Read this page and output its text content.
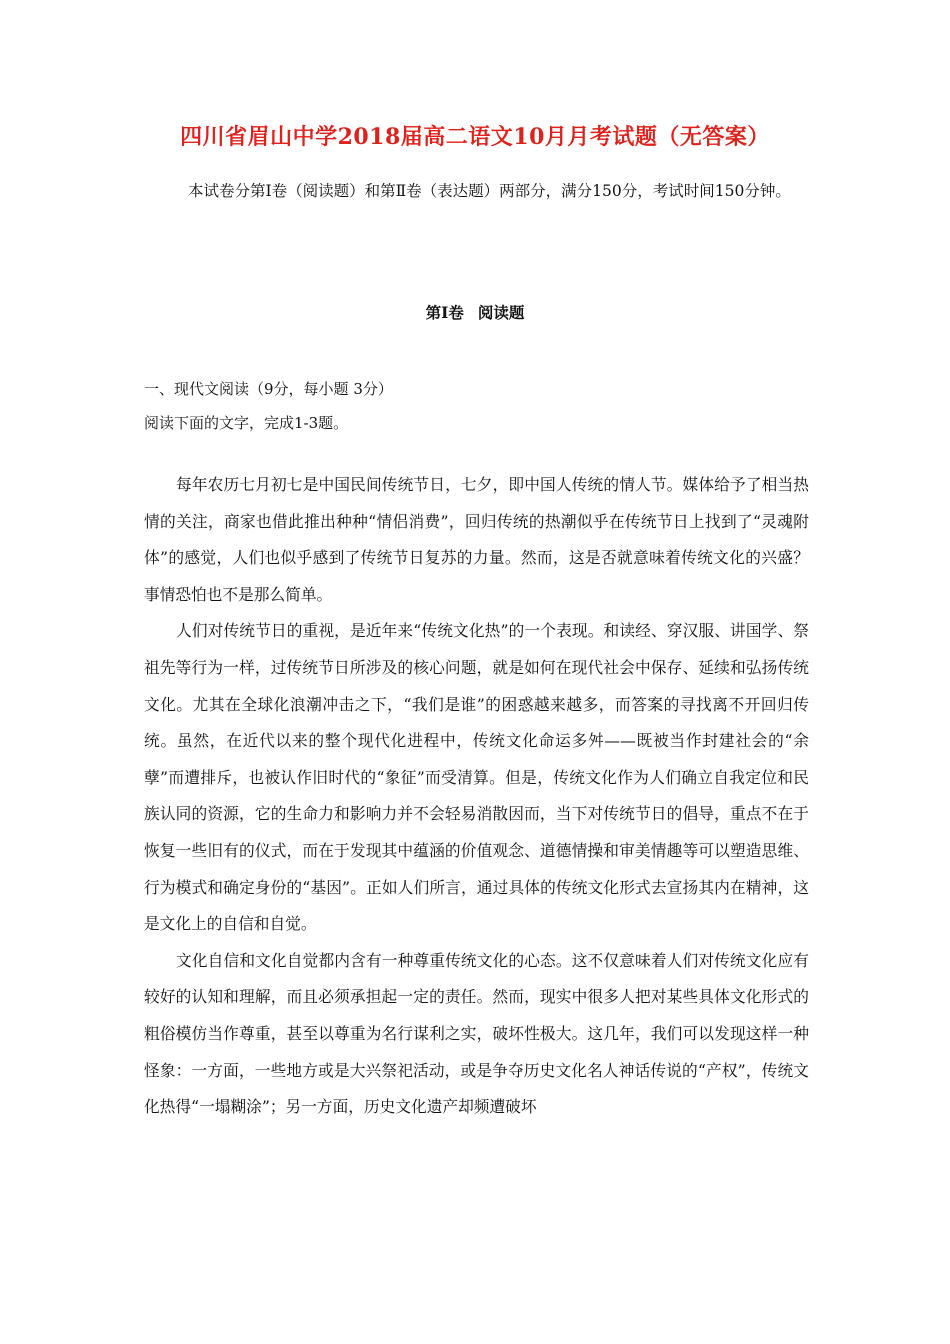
四川省眉山中学2018届高二语文10月月考试题（无答案）
本试卷分第Ⅰ卷（阅读题）和第Ⅱ卷（表达题）两部分，满分150分，考试时间150分钟。
第Ⅰ卷 阅读题
一、现代文阅读（9分，每小题 3分）
阅读下面的文字，完成1-3题。

每年农历七月初七是中国民间传统节日，七夕，即中国人传统的情人节。媒体给予了相当热情的关注，商家也借此推出种种“情侣消费”，回归传统的热潮似乎在传统节日上找到了“灵魂附体”的感觉，人们也似乎感到了传统节日复苏的力量。然而，这是否就意味着传统文化的兴盛？事情恐怕也不是那么简单。

人们对传统节日的重视，是近年来“传统文化热”的一个表现。和读经、穿汉服、讲国学、祭祖先等行为一样，过传统节日所涉及的核心问题，就是如何在现代社会中保存、延续和弘扬传统文化。尤其在全球化浪潮冲击之下，“我们是谁”的困惑越来越多，而答案的寻找离不开回归传统。虽然，在近代以来的整个现代化进程中，传统文化命运多舛——既被当作封建社会的“余孽”而遭排斥，也被认作旧时代的“象征”而受清算。但是，传统文化作为人们确立自我定位和民族认同的资源，它的生命力和影响力并不会轻易消散因而，当下对传统节日的倡导，重点不在于恢复一些旧有的仪式，而在于发现其中蕴涵的价值观念、道德情操和审美情趣等可以塑造思维、行为模式和确定身份的“基因”。正如人们所言，通过具体的传统文化形式去宣扬其内在精神，这是文化上的自信和自觉。

文化自信和文化自觉都内含有一种尊重传统文化的心态。这不仅意味着人们对传统文化应有较好的认知和理解，而且必须承担起一定的责任。然而，现实中很多人把对某些具体文化形式的粗俗模仿当作尊重，甚至以尊重为名行谋利之实，破坏性极大。这几年，我们可以发现这样一种怪象：一方面，一些地方或是大兴祭祀活动，或是争夺历史文化名人神话传说的“产权”，传统文化热得“一塌糊涂”；另一方面，历史文化遗产却频遭破坏
